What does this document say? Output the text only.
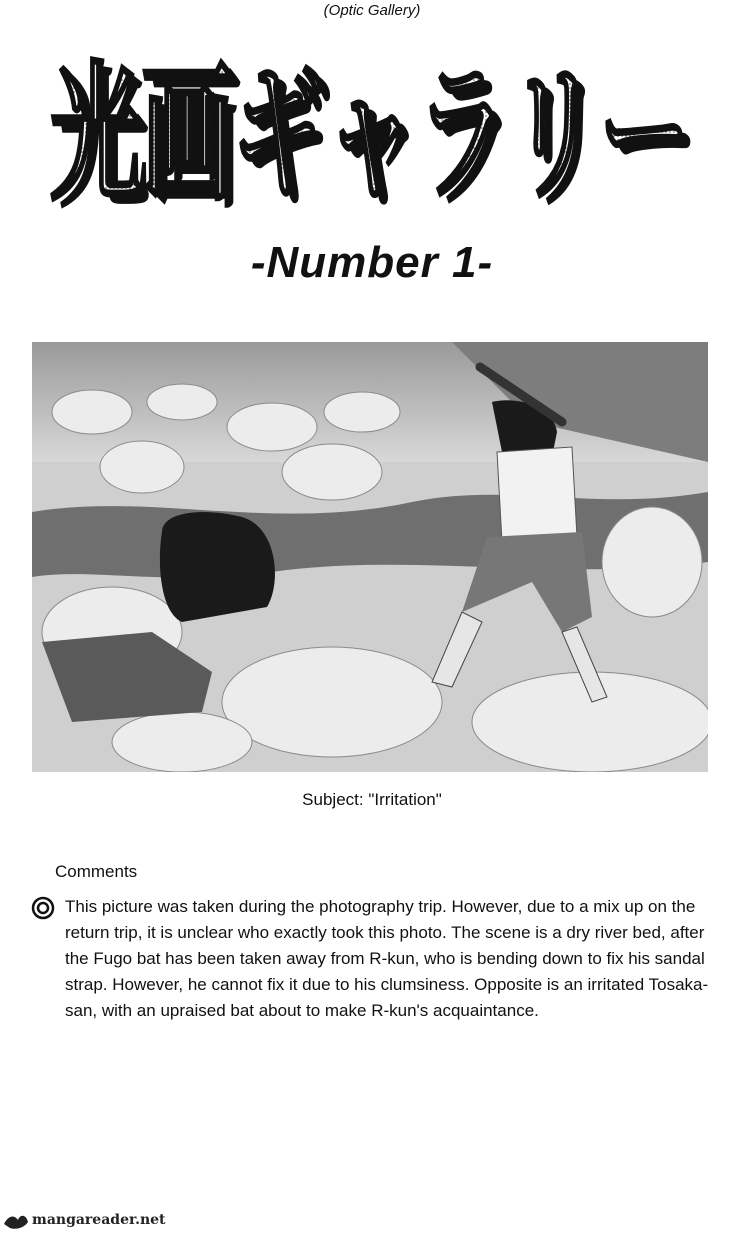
(Optic Gallery)
光画ギャラリー
光画ギャラリー
-Number 1-
Subject: "Irritation"
Comments

This picture was taken during the photography trip. However, due to a mix up on the return trip, it is unclear who exactly took this photo. The scene is a dry river bed, after the Fugo bat has been taken away from R-kun, who is bending down to fix his sandal strap. However, he cannot fix it due to his clumsiness. Opposite is an irritated Tosaka-san, with an upraised bat about to make R-kun's acquaintance.

mangareader.net
